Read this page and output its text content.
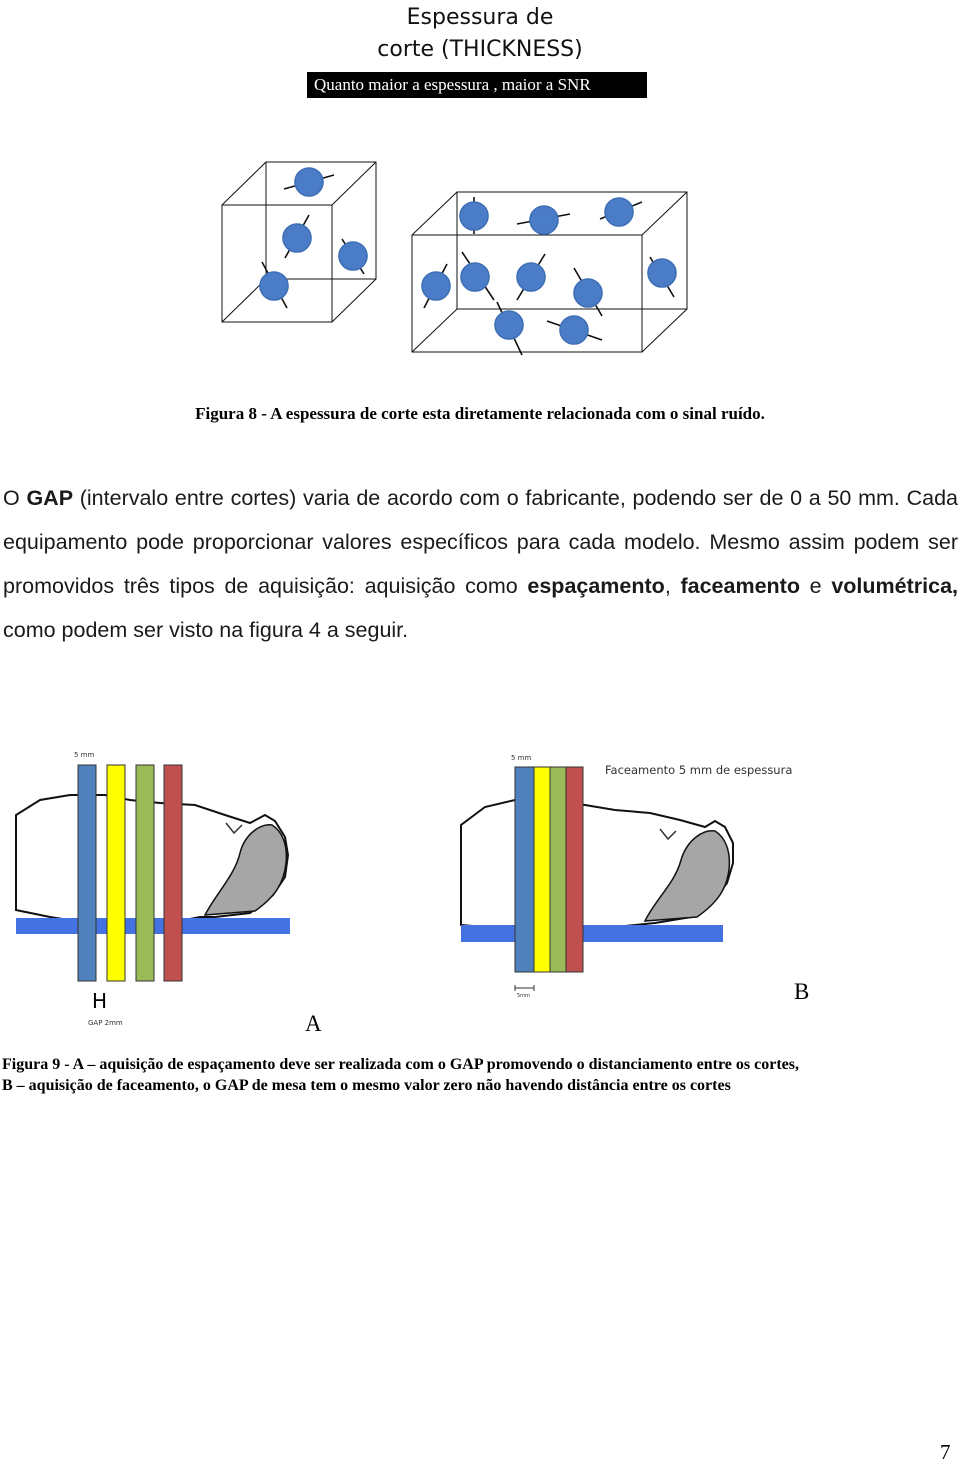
Espessura de
corte (THICKNESS)
Quanto maior a espessura , maior a SNR
Figura 8 - A espessura de corte esta diretamente relacionada com o sinal ruído.

O GAP (intervalo entre cortes) varia de acordo com o fabricante, podendo ser de 0 a 50 mm. Cada equipamento pode proporcionar valores específicos para cada modelo. Mesmo assim podem ser promovidos três tipos de aquisição: aquisição como espaçamento, faceamento e volumétrica, como podem ser visto na figura 4 a seguir.

5 mm
H
GAP 2mm	A
5 mm
Faceamento 5 mm de espessura
5mm	B
Figura 9 - A – aquisição de espaçamento deve ser realizada com o GAP promovendo o distanciamento entre os cortes,
B – aquisição de faceamento, o GAP de mesa tem o mesmo valor zero não havendo distância entre os cortes
7
